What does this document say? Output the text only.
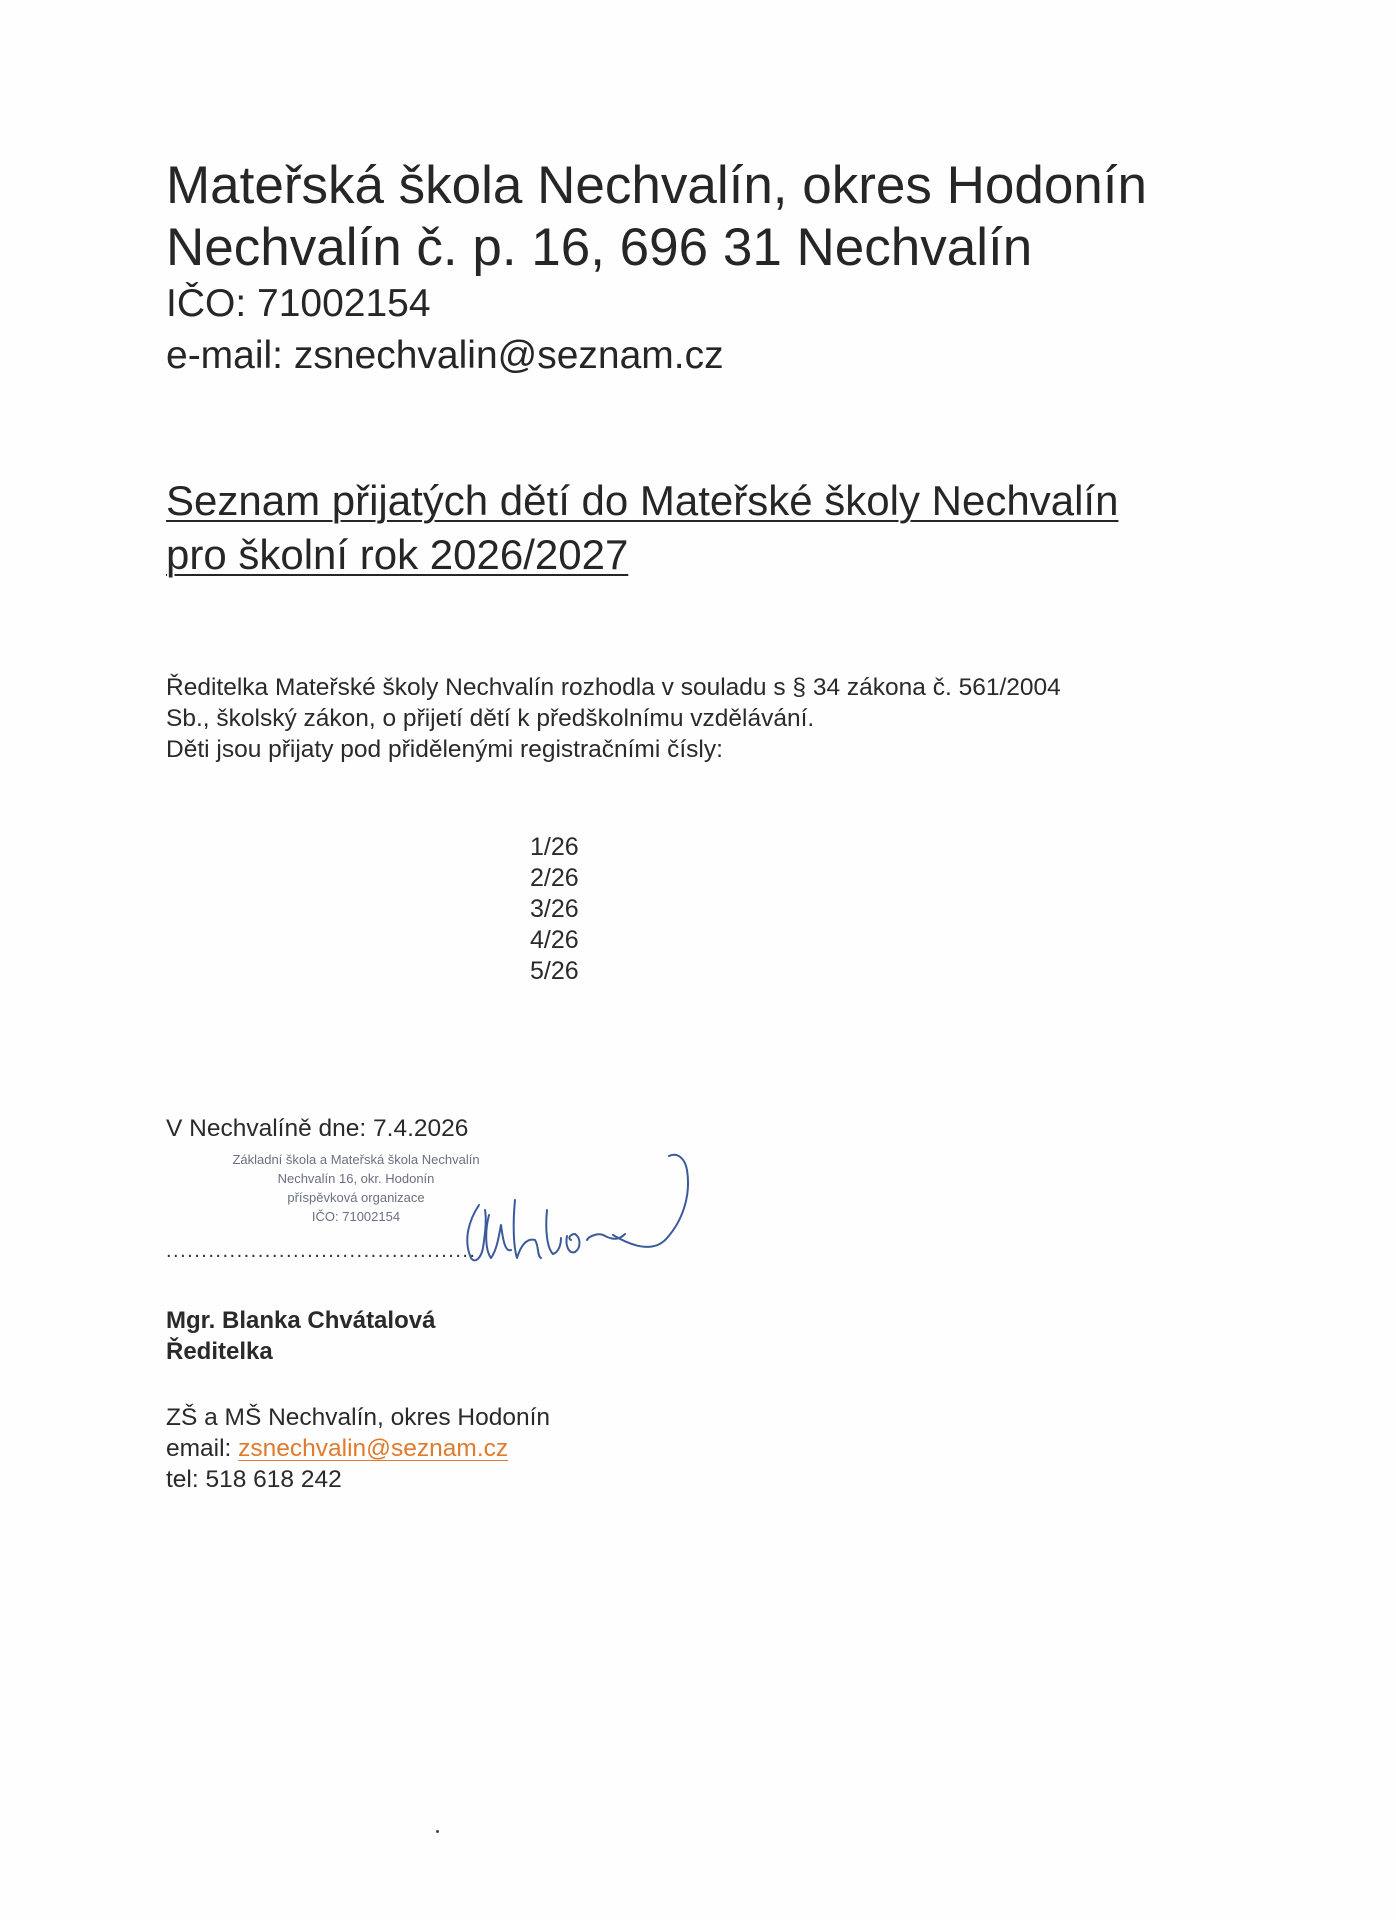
Mateřská škola Nechvalín, okres Hodonín
Nechvalín č. p. 16, 696 31 Nechvalín
IČO: 71002154
e-mail: zsnechvalin@seznam.cz
Seznam přijatých dětí do Mateřské školy Nechvalín
pro školní rok 2026/2027
Ředitelka Mateřské školy Nechvalín rozhodla v souladu s § 34 zákona č. 561/2004
Sb., školský zákon, o přijetí dětí k předškolnímu vzdělávání.
Děti jsou přijaty pod přidělenými registračními čísly:
1/26
2/26
3/26
4/26
5/26
V Nechvalíně dne: 7.4.2026
Základní škola a Mateřská škola Nechvalín
Nechvalín 16, okr. Hodonín
příspěvková organizace
IČO: 71002154
............................................
Mgr. Blanka Chvátalová
Ředitelka
ZŠ a MŠ Nechvalín, okres Hodonín
email: zsnechvalin@seznam.cz
tel: 518 618 242
